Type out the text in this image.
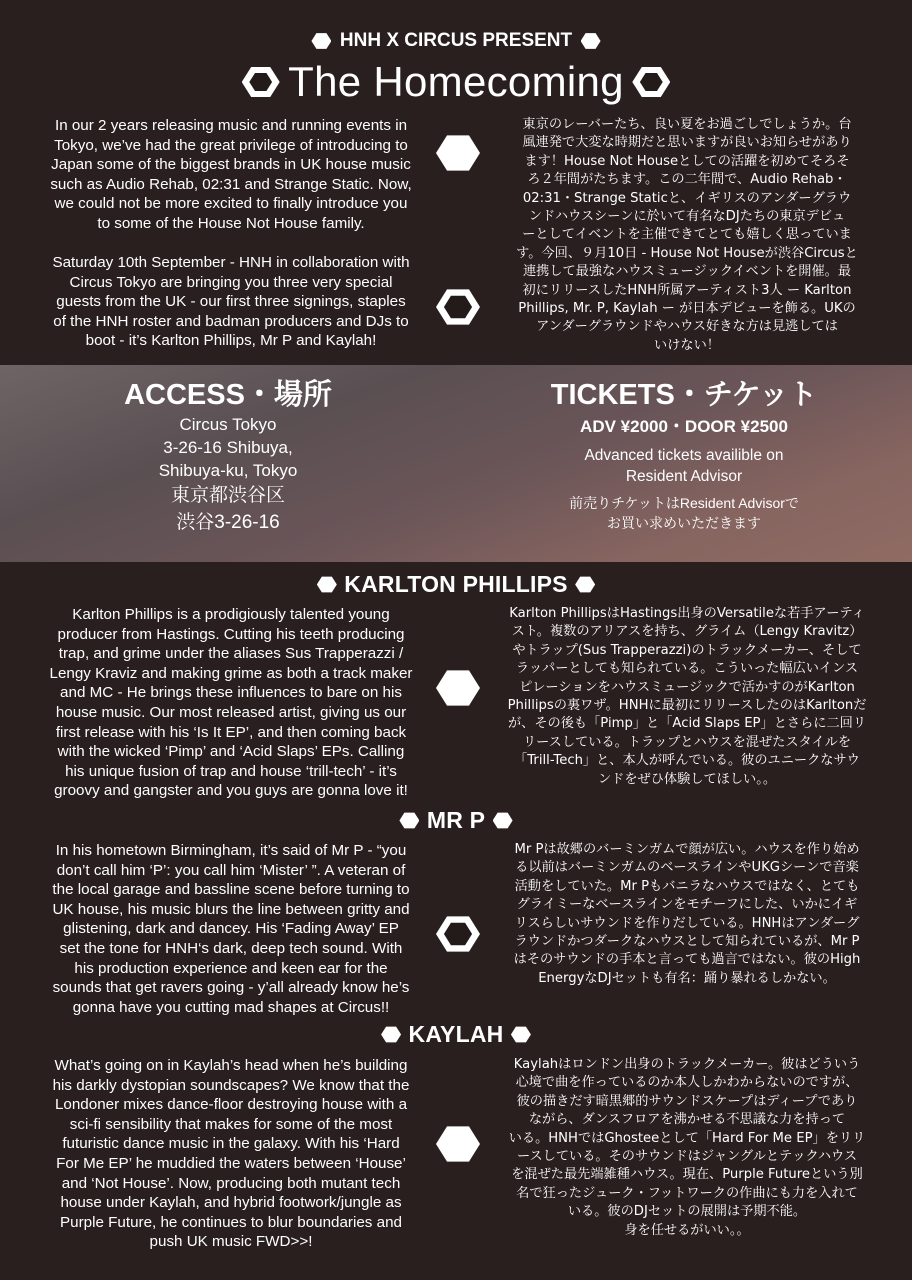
HNH X CIRCUS PRESENT
The Homecoming
In our 2 years releasing music and running events in
Tokyo, we’ve had the great privilege of introducing to
Japan some of the biggest brands in UK house music
such as Audio Rehab, 02:31 and Strange Static. Now,
we could not be more excited to finally introduce you
to some of the House Not House family.
Saturday 10th September - HNH in collaboration with
Circus Tokyo are bringing you three very special
guests from the UK - our first three signings, staples
of the HNH roster and badman producers and DJs to
boot - it’s Karlton Phillips, Mr P and Kaylah!
東京のレーバーたち、良い夏をお過ごしでしょうか。台
風連発で大変な時期だと思いますが良いお知らせがあり
ます！House Not Houseとしての活躍を初めてそろそ
ろ２年間がたちます。この二年間で、Audio Rehab・
02:31・Strange Staticと、イギリスのアンダーグラウ
ンドハウスシーンに於いて有名なDJたちの東京デビュ
ーとしてイベントを主催できてとても嬉しく思っていま
す。今回、９月10日 - House Not Houseが渋谷Circusと
連携して最強なハウスミュージックイベントを開催。最
初にリリースしたHNH所属アーティスト3人 ー Karlton
Phillips, Mr. P, Kaylah ー が日本デビューを飾る。UKの
アンダーグラウンドやハウス好きな方は見逃しては
いけない！
ACCESS・場所
Circus Tokyo
3-26-16 Shibuya,
Shibuya-ku, Tokyo
東京都渋谷区
渋谷3-26-16
TICKETS・チケット
ADV ¥2000・DOOR ¥2500
Advanced tickets availible on
Resident Advisor
前売りチケットはResident Advisorで
お買い求めいただきます
KARLTON PHILLIPS
Karlton Phillips is a prodigiously talented young
producer from Hastings. Cutting his teeth producing
trap, and grime under the aliases Sus Trapperazzi /
Lengy Kraviz and making grime as both a track maker
and MC - He brings these influences to bare on his
house music. Our most released artist, giving us our
first release with his ‘Is It EP’, and then coming back
with the wicked ‘Pimp’ and ‘Acid Slaps’ EPs. Calling
his unique fusion of trap and house ‘trill-tech’ - it’s
groovy and gangster and you guys are gonna love it!
Karlton PhillipsはHastings出身のVersatileな若手アーティ
スト。複数のアリアスを持ち、グライム（Lengy Kravitz）
やトラップ(Sus Trapperazzi)のトラックメーカー、そして
ラッパーとしても知られている。こういった幅広いインス
ピレーションをハウスミュージックで活かすのがKarlton
Phillipsの裏ワザ。HNHに最初にリリースしたのはKarltonだ
が、その後も「Pimp」と「Acid Slaps EP」とさらに二回リ
リースしている。トラップとハウスを混ぜたスタイルを
「Trill-Tech」と、本人が呼んでいる。彼のユニークなサウ
ンドをぜひ体験してほしい。。
MR P
In his hometown Birmingham, it’s said of Mr P - “you
don’t call him ‘P’: you call him ‘Mister’ ”. A veteran of
the local garage and bassline scene before turning to
UK house, his music blurs the line between gritty and
glistening, dark and dancey. His ‘Fading Away’ EP
set the tone for HNH‘s dark, deep tech sound. With
his production experience and keen ear for the
sounds that get ravers going - y’all already know he’s
gonna have you cutting mad shapes at Circus!!
Mr Pは故郷のバーミンガムで顔が広い。ハウスを作り始め
る以前はバーミンガムのベースラインやUKGシーンで音楽
活動をしていた。Mr Pもバニラなハウスではなく、とても
グライミーなベースラインをモチーフにした、いかにイギ
リスらしいサウンドを作りだしている。HNHはアンダーグ
ラウンドかつダークなハウスとして知られているが、Mr P
はそのサウンドの手本と言っても過言ではない。彼のHigh
EnergyなDJセットも有名：踊り暴れるしかない。
KAYLAH
What’s going on in Kaylah’s head when he’s building
his darkly dystopian soundscapes? We know that the
Londoner mixes dance-floor destroying house with a
sci-fi sensibility that makes for some of the most
futuristic dance music in the galaxy. With his ‘Hard
For Me EP’ he muddied the waters between ‘House’
and ‘Not House’. Now, producing both mutant tech
house under Kaylah, and hybrid footwork/jungle as
Purple Future, he continues to blur boundaries and
push UK music FWD>>!
Kaylahはロンドン出身のトラックメーカー。彼はどういう
心境で曲を作っているのか本人しかわからないのですが、
彼の描きだす暗黒郷的サウンドスケープはディープであり
ながら、ダンスフロアを沸かせる不思議な力を持って
いる。HNHではGhosteeとして「Hard For Me EP」をリリ
ースしている。そのサウンドはジャングルとテックハウス
を混ぜた最先端雑種ハウス。現在、Purple Futureという別
名で狂ったジューク・フットワークの作曲にも力を入れて
いる。彼のDJセットの展開は予期不能。
身を任せるがいい。。
